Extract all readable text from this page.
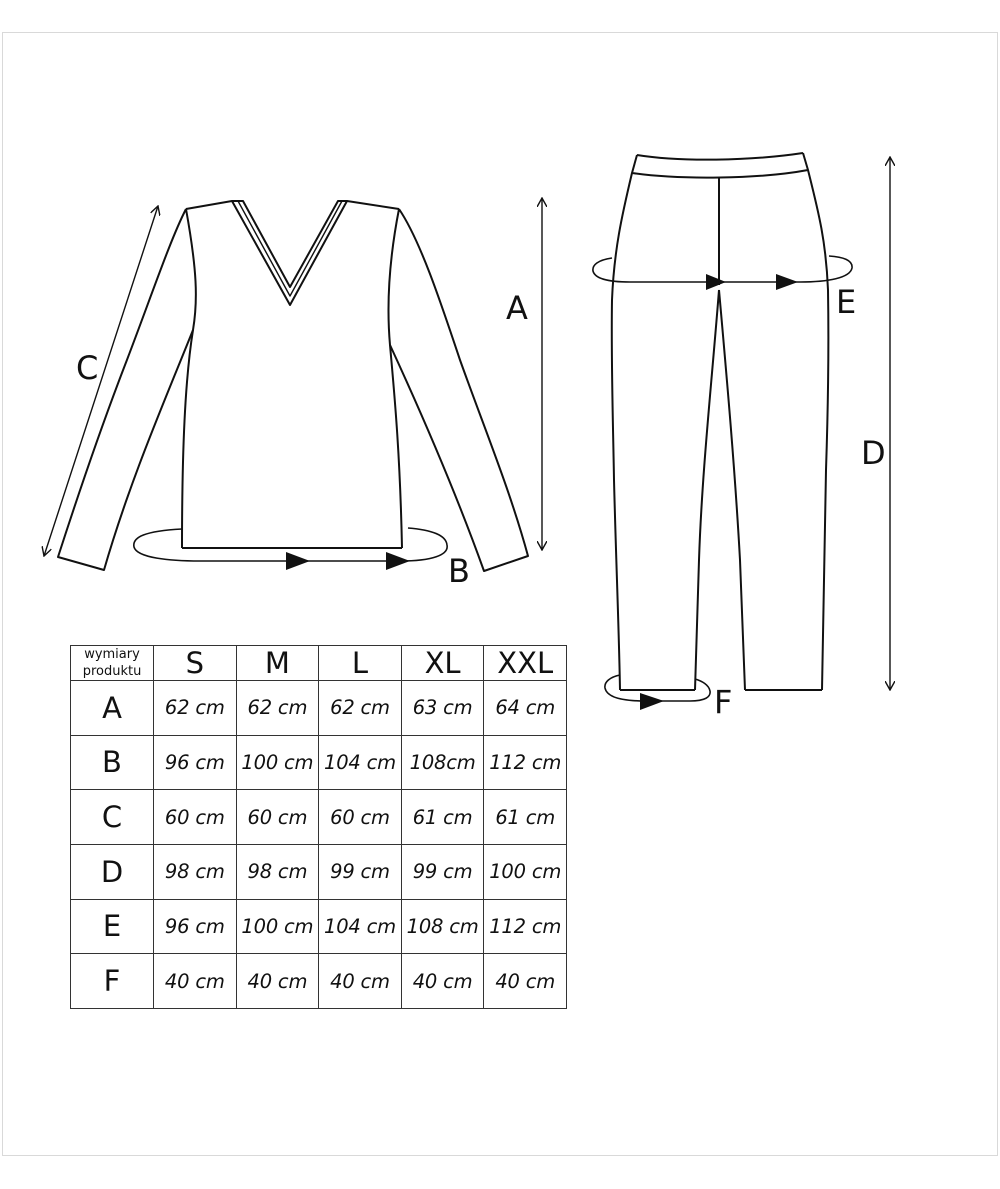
C
A
B
E
D
F
wymiary
produktu	S	M	L	XL	XXL
A	62 cm	62 cm	62 cm	63 cm	64 cm
B	96 cm	100 cm	104 cm	108cm	112 cm
C	60 cm	60 cm	60 cm	61 cm	61 cm
D	98 cm	98 cm	99 cm	99 cm	100 cm
E	96 cm	100 cm	104 cm	108 cm	112 cm
F	40 cm	40 cm	40 cm	40 cm	40 cm
